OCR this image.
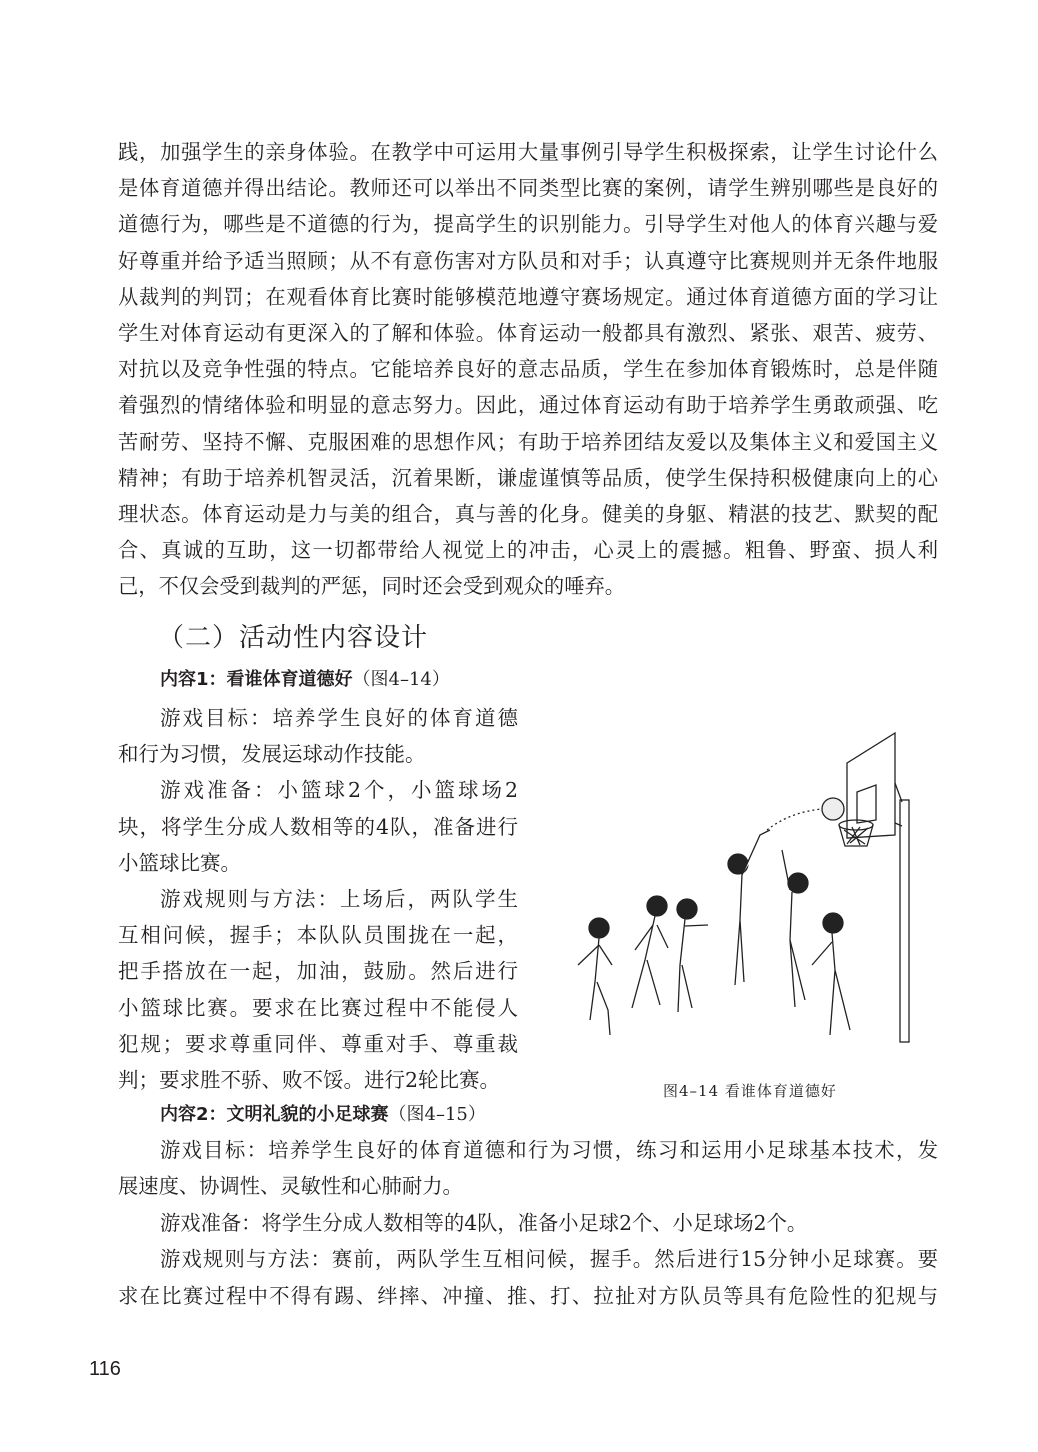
践，加强学生的亲身体验。在教学中可运用大量事例引导学生积极探索，让学生讨论什么
是体育道德并得出结论。教师还可以举出不同类型比赛的案例，请学生辨别哪些是良好的
道德行为，哪些是不道德的行为，提高学生的识别能力。引导学生对他人的体育兴趣与爱
好尊重并给予适当照顾；从不有意伤害对方队员和对手；认真遵守比赛规则并无条件地服
从裁判的判罚；在观看体育比赛时能够模范地遵守赛场规定。通过体育道德方面的学习让
学生对体育运动有更深入的了解和体验。体育运动一般都具有激烈、紧张、艰苦、疲劳、
对抗以及竞争性强的特点。它能培养良好的意志品质，学生在参加体育锻炼时，总是伴随
着强烈的情绪体验和明显的意志努力。因此，通过体育运动有助于培养学生勇敢顽强、吃
苦耐劳、坚持不懈、克服困难的思想作风；有助于培养团结友爱以及集体主义和爱国主义
精神；有助于培养机智灵活，沉着果断，谦虚谨慎等品质，使学生保持积极健康向上的心
理状态。体育运动是力与美的组合，真与善的化身。健美的身躯、精湛的技艺、默契的配
合、真诚的互助，这一切都带给人视觉上的冲击，心灵上的震撼。粗鲁、野蛮、损人利
己，不仅会受到裁判的严惩，同时还会受到观众的唾弃。
（二）活动性内容设计
内容1：看谁体育道德好（图4–14）
游戏目标：培养学生良好的体育道德
和行为习惯，发展运球动作技能。
游戏准备：小篮球2个，小篮球场2
块，将学生分成人数相等的4队，准备进行
小篮球比赛。
游戏规则与方法：上场后，两队学生
互相问候，握手；本队队员围拢在一起，
把手搭放在一起，加油，鼓励。然后进行
小篮球比赛。要求在比赛过程中不能侵人
犯规；要求尊重同伴、尊重对手、尊重裁
判；要求胜不骄、败不馁。进行2轮比赛。	图4–14 看谁体育道德好
内容2：文明礼貌的小足球赛（图4–15）
游戏目标：培养学生良好的体育道德和行为习惯，练习和运用小足球基本技术，发
展速度、协调性、灵敏性和心肺耐力。
游戏准备：将学生分成人数相等的4队，准备小足球2个、小足球场2个。
游戏规则与方法：赛前，两队学生互相问候，握手。然后进行15分钟小足球赛。要
求在比赛过程中不得有踢、绊摔、冲撞、推、打、拉扯对方队员等具有危险性的犯规与
116
